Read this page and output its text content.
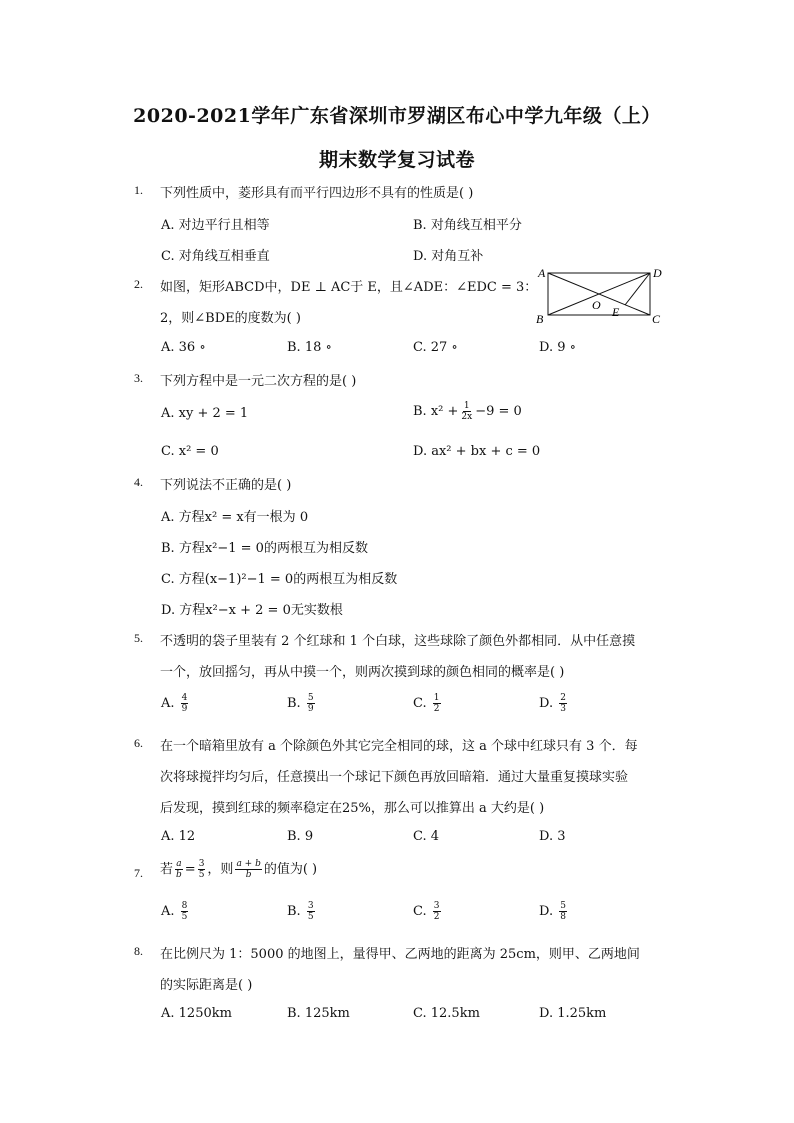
2020-2021学年广东省深圳市罗湖区布心中学九年级（上）
期末数学复习试卷
1. 下列性质中，菱形具有而平行四边形不具有的性质是( )
A. 对边平行且相等	B. 对角线互相平分
C. 对角线互相垂直	D. 对角互补
2. 如图，矩形ABCD中，DE ⊥ AC于 E，且∠ADE：∠EDC = 3：
2，则∠BDE的度数为( )
A	D
B	C
O E
A. 36 ∘	B. 18 ∘	C. 27 ∘	D. 9 ∘
3. 下列方程中是一元二次方程的是( )
A. xy + 2 = 1	B. $x^2 + \frac{1}{2x} -9 = 0$
C. x² = 0	D. ax² + bx + c = 0
4. 下列说法不正确的是( )
A. 方程x² = x有一根为 0
B. 方程x²−1 = 0的两根互为相反数
C. 方程(x−1)²−1 = 0的两根互为相反数
D. 方程x²−x + 2 = 0无实数根
5. 不透明的袋子里装有 2 个红球和 1 个白球，这些球除了颜色外都相同．从中任意摸
一个，放回摇匀，再从中摸一个，则两次摸到球的颜色相同的概率是( )
A. $\frac{4}{9}$	B. $\frac{5}{9}$	C. $\frac{1}{2}$	D. $\frac{2}{3}$
6. 在一个暗箱里放有 a 个除颜色外其它完全相同的球，这 a 个球中红球只有 3 个．每
次将球搅拌均匀后，任意摸出一个球记下颜色再放回暗箱．通过大量重复摸球实验
后发现，摸到红球的频率稳定在25%，那么可以推算出 a 大约是( )
A. 12	B. 9	C. 4	D. 3
7. 若 $\frac{a}{b} = \frac{3}{5}$ ，则 $\frac{a + b}{b}$ 的值为( )
A. $\frac{8}{5}$	B. $\frac{3}{5}$	C. $\frac{3}{2}$	D. $\frac{5}{8}$
8. 在比例尺为 1：5000 的地图上，量得甲、乙两地的距离为 25cm，则甲、乙两地间
的实际距离是( )
A. 1250km	B. 125km	C. 12.5km	D. 1.25km
